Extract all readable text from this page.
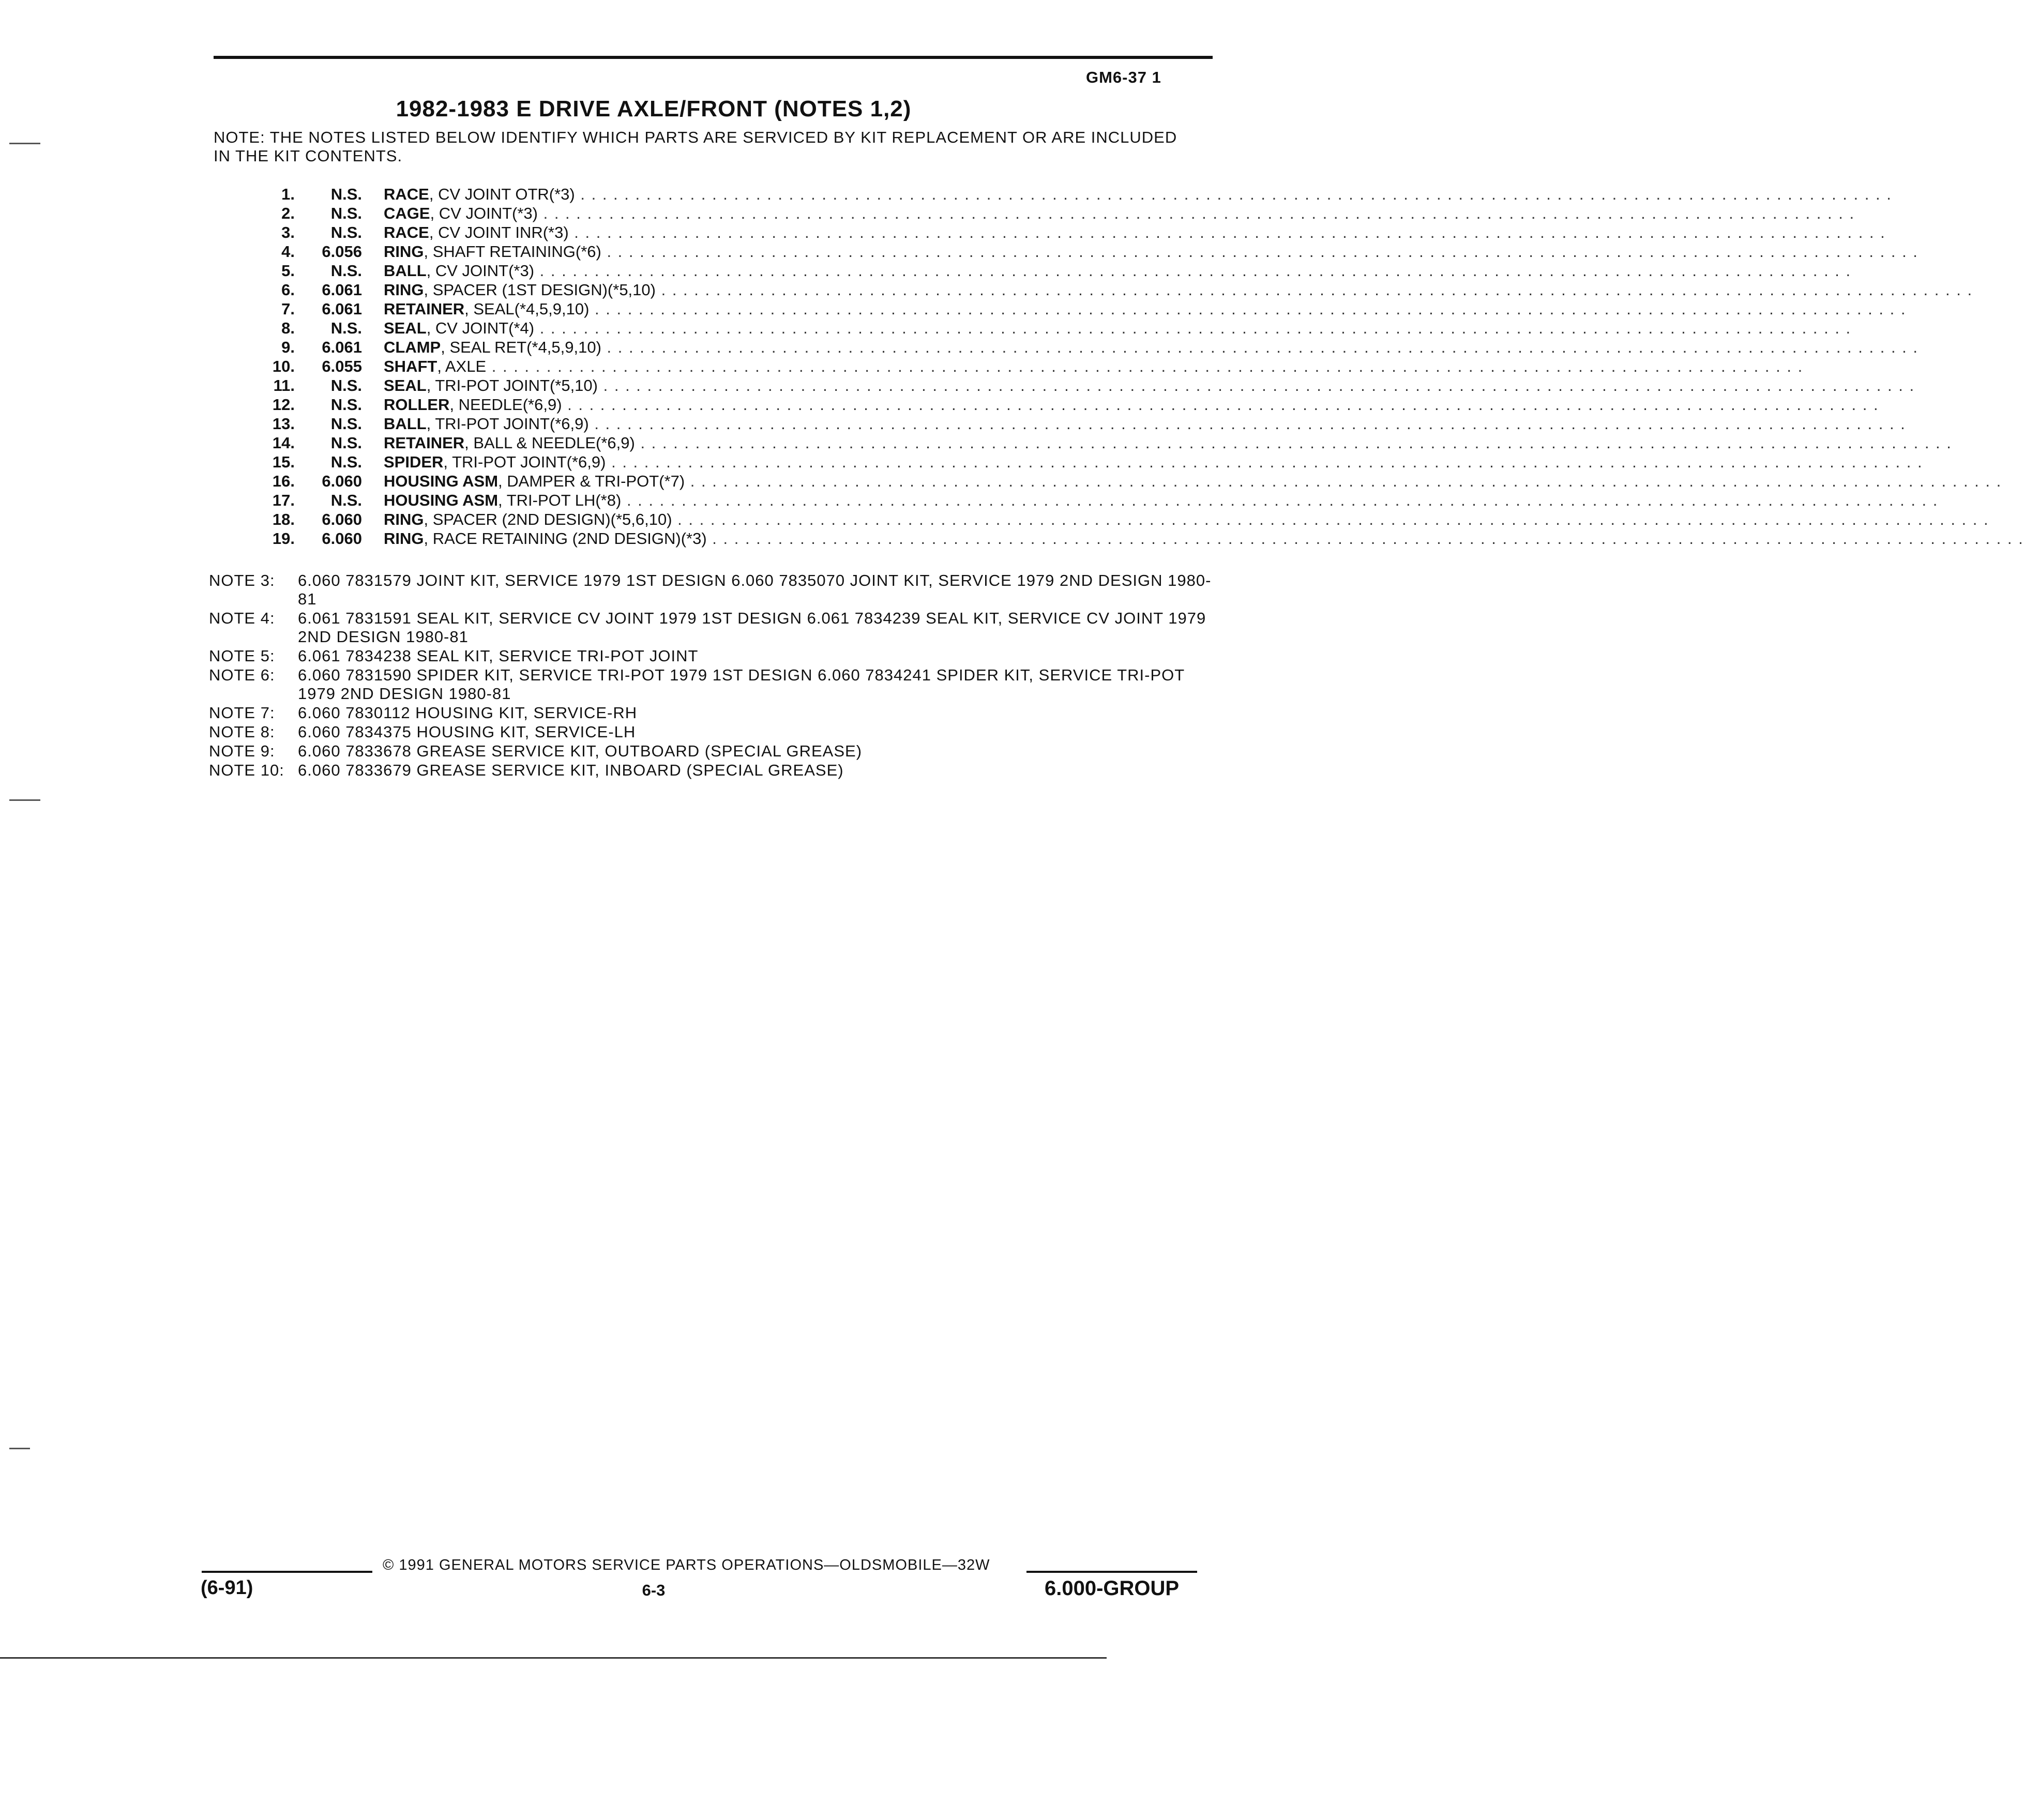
GM6-37 1
1982-1983 E DRIVE AXLE/FRONT (NOTES 1,2)
NOTE: THE NOTES LISTED BELOW IDENTIFY WHICH PARTS ARE SERVICED BY KIT REPLACEMENT OR ARE INCLUDED IN THE KIT CONTENTS.
1.	N.S. RACE, CV JOINT OTR(*3) . . . . . . . . . . . . . . . . . . . . . . . . . . . . . . . . . . . . . . . . . . . . . . . . . . . . . . . . . . . . . . . . . . . . . . . . . . . . . . . . . . . . . . . . . . . . . . . . . . . . . . . . . . . . . . . . . . . . . . . .
2.	N.S. CAGE, CV JOINT(*3) . . . . . . . . . . . . . . . . . . . . . . . . . . . . . . . . . . . . . . . . . . . . . . . . . . . . . . . . . . . . . . . . . . . . . . . . . . . . . . . . . . . . . . . . . . . . . . . . . . . . . . . . . . . . . . . . . . . . . . . .
3.	N.S. RACE, CV JOINT INR(*3) . . . . . . . . . . . . . . . . . . . . . . . . . . . . . . . . . . . . . . . . . . . . . . . . . . . . . . . . . . . . . . . . . . . . . . . . . . . . . . . . . . . . . . . . . . . . . . . . . . . . . . . . . . . . . . . . . . . . . . . .
4.	6.056 RING, SHAFT RETAINING(*6) . . . . . . . . . . . . . . . . . . . . . . . . . . . . . . . . . . . . . . . . . . . . . . . . . . . . . . . . . . . . . . . . . . . . . . . . . . . . . . . . . . . . . . . . . . . . . . . . . . . . . . . . . . . . . . . . . . . . . . . .
5.	N.S. BALL, CV JOINT(*3) . . . . . . . . . . . . . . . . . . . . . . . . . . . . . . . . . . . . . . . . . . . . . . . . . . . . . . . . . . . . . . . . . . . . . . . . . . . . . . . . . . . . . . . . . . . . . . . . . . . . . . . . . . . . . . . . . . . . . . . .
6.	6.061 RING, SPACER (1ST DESIGN)(*5,10) . . . . . . . . . . . . . . . . . . . . . . . . . . . . . . . . . . . . . . . . . . . . . . . . . . . . . . . . . . . . . . . . . . . . . . . . . . . . . . . . . . . . . . . . . . . . . . . . . . . . . . . . . . . . . . . . . . . . . . . .
7.	6.061 RETAINER, SEAL(*4,5,9,10) . . . . . . . . . . . . . . . . . . . . . . . . . . . . . . . . . . . . . . . . . . . . . . . . . . . . . . . . . . . . . . . . . . . . . . . . . . . . . . . . . . . . . . . . . . . . . . . . . . . . . . . . . . . . . . . . . . . . . . . .
8.	N.S. SEAL, CV JOINT(*4) . . . . . . . . . . . . . . . . . . . . . . . . . . . . . . . . . . . . . . . . . . . . . . . . . . . . . . . . . . . . . . . . . . . . . . . . . . . . . . . . . . . . . . . . . . . . . . . . . . . . . . . . . . . . . . . . . . . . . . . .
9.	6.061 CLAMP, SEAL RET(*4,5,9,10) . . . . . . . . . . . . . . . . . . . . . . . . . . . . . . . . . . . . . . . . . . . . . . . . . . . . . . . . . . . . . . . . . . . . . . . . . . . . . . . . . . . . . . . . . . . . . . . . . . . . . . . . . . . . . . . . . . . . . . . .
10.	6.055 SHAFT, AXLE . . . . . . . . . . . . . . . . . . . . . . . . . . . . . . . . . . . . . . . . . . . . . . . . . . . . . . . . . . . . . . . . . . . . . . . . . . . . . . . . . . . . . . . . . . . . . . . . . . . . . . . . . . . . . . . . . . . . . . . .
11.	N.S. SEAL, TRI-POT JOINT(*5,10) . . . . . . . . . . . . . . . . . . . . . . . . . . . . . . . . . . . . . . . . . . . . . . . . . . . . . . . . . . . . . . . . . . . . . . . . . . . . . . . . . . . . . . . . . . . . . . . . . . . . . . . . . . . . . . . . . . . . . . . .
12.	N.S. ROLLER, NEEDLE(*6,9) . . . . . . . . . . . . . . . . . . . . . . . . . . . . . . . . . . . . . . . . . . . . . . . . . . . . . . . . . . . . . . . . . . . . . . . . . . . . . . . . . . . . . . . . . . . . . . . . . . . . . . . . . . . . . . . . . . . . . . . .
13.	N.S. BALL, TRI-POT JOINT(*6,9) . . . . . . . . . . . . . . . . . . . . . . . . . . . . . . . . . . . . . . . . . . . . . . . . . . . . . . . . . . . . . . . . . . . . . . . . . . . . . . . . . . . . . . . . . . . . . . . . . . . . . . . . . . . . . . . . . . . . . . . .
14.	N.S. RETAINER, BALL & NEEDLE(*6,9) . . . . . . . . . . . . . . . . . . . . . . . . . . . . . . . . . . . . . . . . . . . . . . . . . . . . . . . . . . . . . . . . . . . . . . . . . . . . . . . . . . . . . . . . . . . . . . . . . . . . . . . . . . . . . . . . . . . . . . . .
15.	N.S. SPIDER, TRI-POT JOINT(*6,9) . . . . . . . . . . . . . . . . . . . . . . . . . . . . . . . . . . . . . . . . . . . . . . . . . . . . . . . . . . . . . . . . . . . . . . . . . . . . . . . . . . . . . . . . . . . . . . . . . . . . . . . . . . . . . . . . . . . . . . . .
16.	6.060 HOUSING ASM, DAMPER & TRI-POT(*7) . . . . . . . . . . . . . . . . . . . . . . . . . . . . . . . . . . . . . . . . . . . . . . . . . . . . . . . . . . . . . . . . . . . . . . . . . . . . . . . . . . . . . . . . . . . . . . . . . . . . . . . . . . . . . . . . . . . . . . . .
17.	N.S. HOUSING ASM, TRI-POT LH(*8) . . . . . . . . . . . . . . . . . . . . . . . . . . . . . . . . . . . . . . . . . . . . . . . . . . . . . . . . . . . . . . . . . . . . . . . . . . . . . . . . . . . . . . . . . . . . . . . . . . . . . . . . . . . . . . . . . . . . . . . .
18.	6.060 RING, SPACER (2ND DESIGN)(*5,6,10) . . . . . . . . . . . . . . . . . . . . . . . . . . . . . . . . . . . . . . . . . . . . . . . . . . . . . . . . . . . . . . . . . . . . . . . . . . . . . . . . . . . . . . . . . . . . . . . . . . . . . . . . . . . . . . . . . . . . . . . .
19.	6.060 RING, RACE RETAINING (2ND DESIGN)(*3) . . . . . . . . . . . . . . . . . . . . . . . . . . . . . . . . . . . . . . . . . . . . . . . . . . . . . . . . . . . . . . . . . . . . . . . . . . . . . . . . . . . . . . . . . . . . . . . . . . . . . . . . . . . . . . . . . . . . . . . .
NOTE 3:	6.060 7831579 JOINT KIT, SERVICE 1979 1ST DESIGN 6.060 7835070 JOINT KIT, SERVICE 1979 2ND DESIGN 1980-81
NOTE 4:	6.061 7831591 SEAL KIT, SERVICE CV JOINT 1979 1ST DESIGN 6.061 7834239 SEAL KIT, SERVICE CV JOINT 1979 2ND DESIGN 1980-81
NOTE 5:	6.061 7834238 SEAL KIT, SERVICE TRI-POT JOINT
NOTE 6:	6.060 7831590 SPIDER KIT, SERVICE TRI-POT 1979 1ST DESIGN 6.060 7834241 SPIDER KIT, SERVICE TRI-POT 1979 2ND DESIGN 1980-81
NOTE 7:	6.060 7830112 HOUSING KIT, SERVICE-RH
NOTE 8:	6.060 7834375 HOUSING KIT, SERVICE-LH
NOTE 9:	6.060 7833678 GREASE SERVICE KIT, OUTBOARD (SPECIAL GREASE)
NOTE 10: 6.060 7833679 GREASE SERVICE KIT, INBOARD (SPECIAL GREASE)
© 1991 GENERAL MOTORS SERVICE PARTS OPERATIONS—OLDSMOBILE—32W
(6-91)	6-3	6.000-GROUP
